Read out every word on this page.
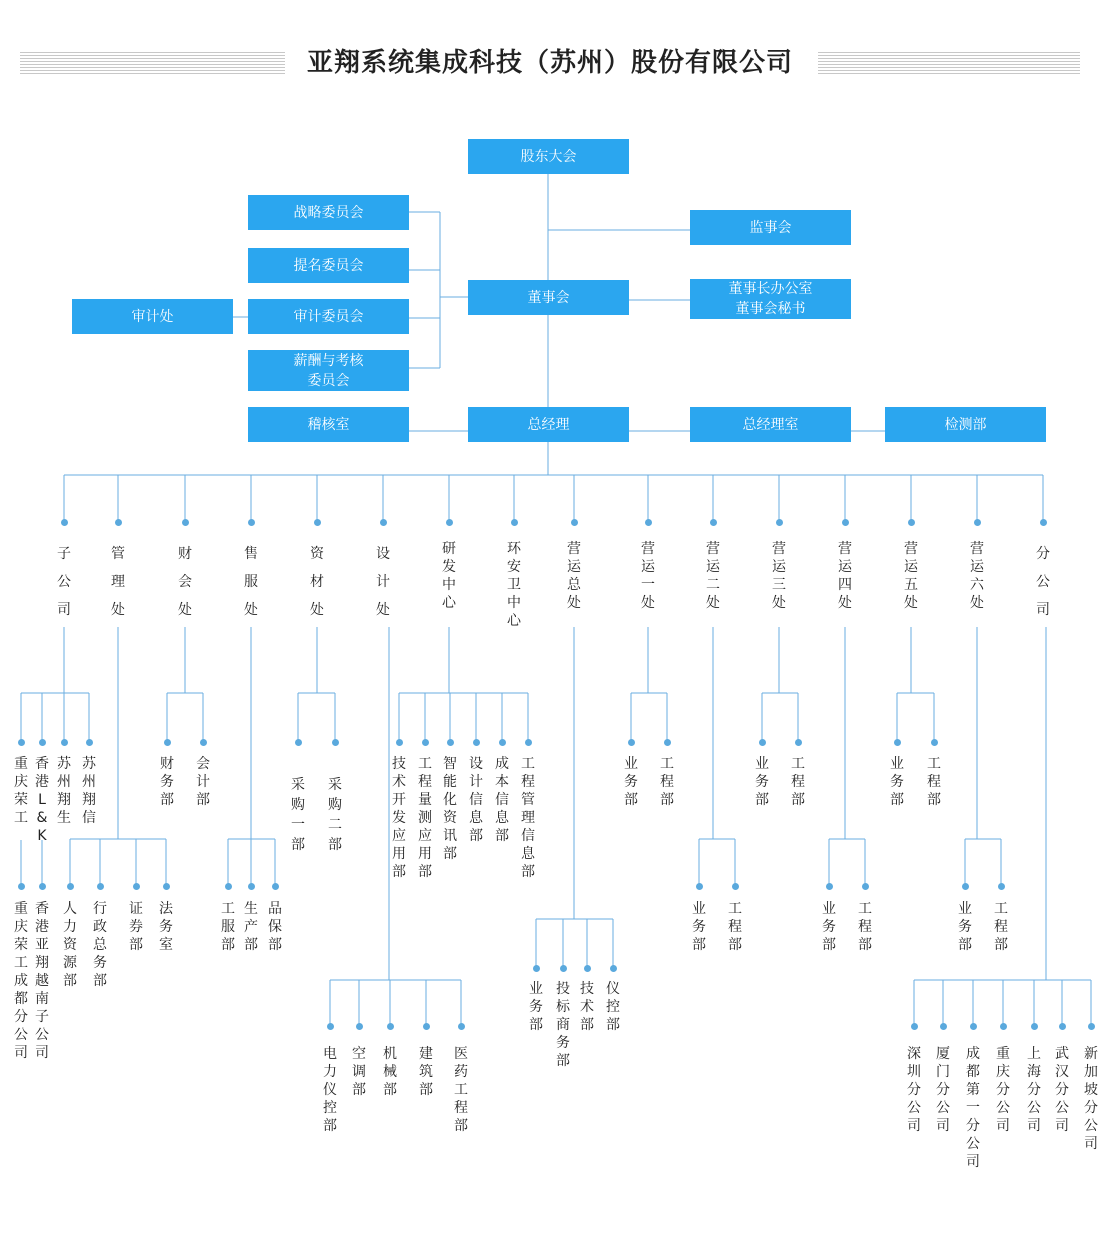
亚翔系统集成科技（苏州）股份有限公司
股东大会
监事会
董事会
董事长办公室
董事会秘书
战略委员会
提名委员会
审计委员会
薪酬与考核
委员会
审计处
稽核室	总经理	总经理室	检测部
子
公
司
管
理
处
财
会
处
售
服
处
资
材
处
设
计
处
研
发
中
心
环
安
卫
中
心
营
运
总
处
营
运
一
处
营
运
二
处
营
运
三
处
营
运
四
处
营
运
五
处
营
运
六
处
分
公
司
重
庆
荣
工
香
港
L
&
K
苏
州
翔
生
苏
州
翔
信
财
务
部
会
计
部
采
购
一
部
采
购
二
部
技
术
开
发
应
用
部
工
程
量
测
应
用
部
智
能
化
资
讯
部
设
计
信
息
部
成
本
信
息
部
工
程
管
理
信
息
部
业
务
部
工
程
部
业
务
部
工
程
部
业
务
部
工
程
部
重
庆
荣
工
成
都
分
公
司
香
港
亚
翔
越
南
子
公
司
人
力
资
源
部
行
政
总
务
部
证
券
部
法
务
室
工
服
部
生
产
部
品
保
部
业
务
部
工
程
部
业
务
部
工
程
部
业
务
部
工
程
部
业
务
部
投
标
商
务
部
技
术
部
仪
控
部
电
力
仪
控
部
空
调
部
机
械
部
建
筑
部
医
药
工
程
部
深
圳
分
公
司
厦
门
分
公
司
成
都
第
一
分
公
司
重
庆
分
公
司
上
海
分
公
司
武
汉
分
公
司
新
加
坡
分
公
司
